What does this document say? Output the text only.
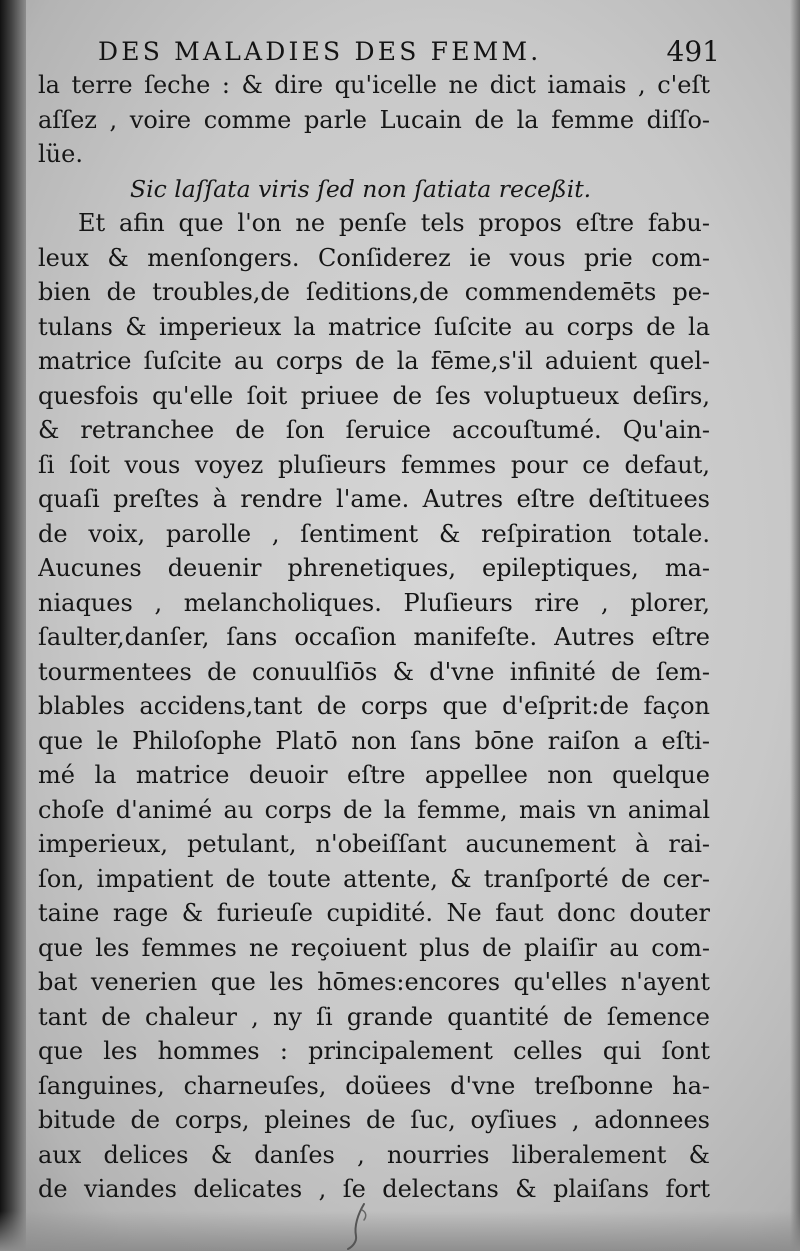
DES MALADIES DES FEMM.	491
la terre ſeche : & dire qu'icelle ne dict iamais , c'eſt
aſſez , voire comme parle Lucain de la femme diſſo-
lüe.
Sic laſſata viris ſed non ſatiata receßit.
Et afin que l'on ne penſe tels propos eſtre fabu-
leux & menſongers. Conſiderez ie vous prie com-
bien de troubles,de ſeditions,de commendemēts pe-
tulans & imperieux la matrice ſuſcite au corps de la
matrice ſuſcite au corps de la fēme,s'il aduient quel-
quesfois qu'elle ſoit priuee de ſes voluptueux deſirs,
& retranchee de ſon ſeruice accouſtumé. Qu'ain-
ſi ſoit vous voyez pluſieurs femmes pour ce defaut,
quaſi preſtes à rendre l'ame. Autres eſtre deſtituees
de voix, parolle , ſentiment & reſpiration totale.
Aucunes deuenir phrenetiques, epileptiques, ma-
niaques , melancholiques. Pluſieurs rire , plorer,
ſaulter,danſer, ſans occaſion manifeſte. Autres eſtre
tourmentees de conuulſiōs & d'vne infinité de ſem-
blables accidens,tant de corps que d'eſprit:de façon
que le Philoſophe Platō non ſans bōne raiſon a eſti-
mé la matrice deuoir eſtre appellee non quelque
choſe d'animé au corps de la femme, mais vn animal
imperieux, petulant, n'obeiſſant aucunement à rai-
ſon, impatient de toute attente, & tranſporté de cer-
taine rage & furieuſe cupidité. Ne faut donc douter
que les femmes ne reçoiuent plus de plaiſir au com-
bat venerien que les hōmes:encores qu'elles n'ayent
tant de chaleur , ny ſi grande quantité de ſemence
que les hommes : principalement celles qui ſont
ſanguines, charneuſes, doüees d'vne treſbonne ha-
bitude de corps, pleines de ſuc, oyſiues , adonnees
aux delices & danſes , nourries liberalement &
de viandes delicates , ſe delectans & plaiſans fort
